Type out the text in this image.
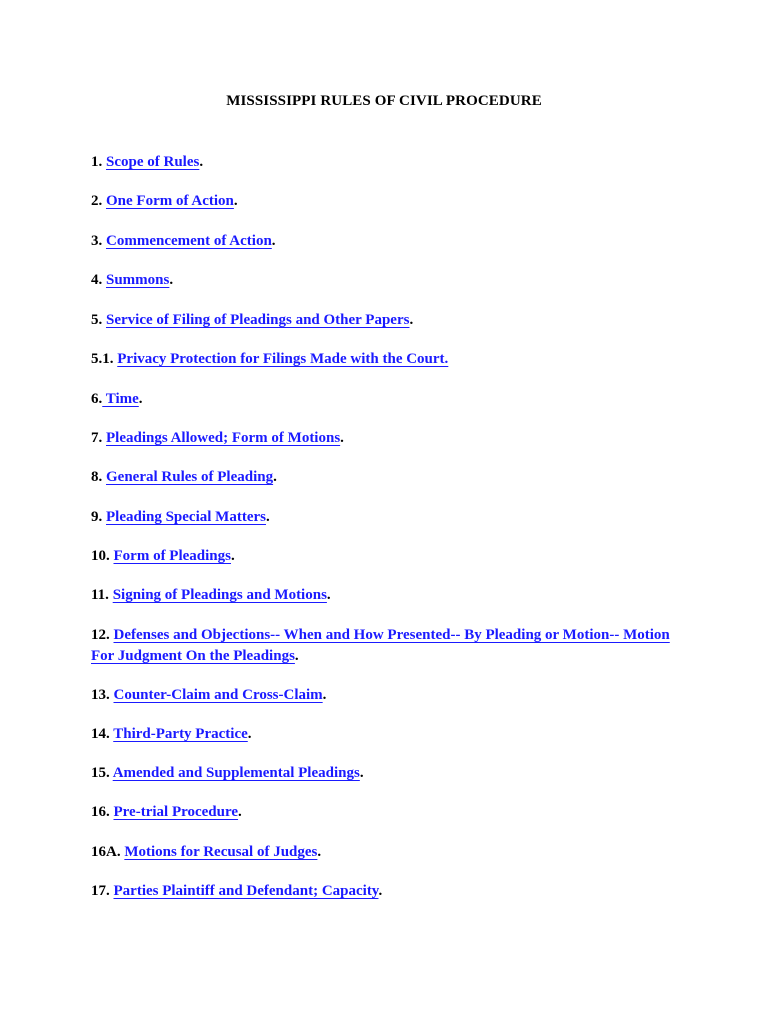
MISSISSIPPI RULES OF CIVIL PROCEDURE
1. Scope of Rules.
2. One Form of Action.
3. Commencement of Action.
4. Summons.
5. Service of Filing of Pleadings and Other Papers.
5.1. Privacy Protection for Filings Made with the Court.
6. Time.
7. Pleadings Allowed; Form of Motions.
8. General Rules of Pleading.
9. Pleading Special Matters.
10. Form of Pleadings.
11. Signing of Pleadings and Motions.
12. Defenses and Objections-- When and How Presented-- By Pleading or Motion-- Motion For Judgment On the Pleadings.
13. Counter-Claim and Cross-Claim.
14. Third-Party Practice.
15. Amended and Supplemental Pleadings.
16. Pre-trial Procedure.
16A. Motions for Recusal of Judges.
17. Parties Plaintiff and Defendant; Capacity.
